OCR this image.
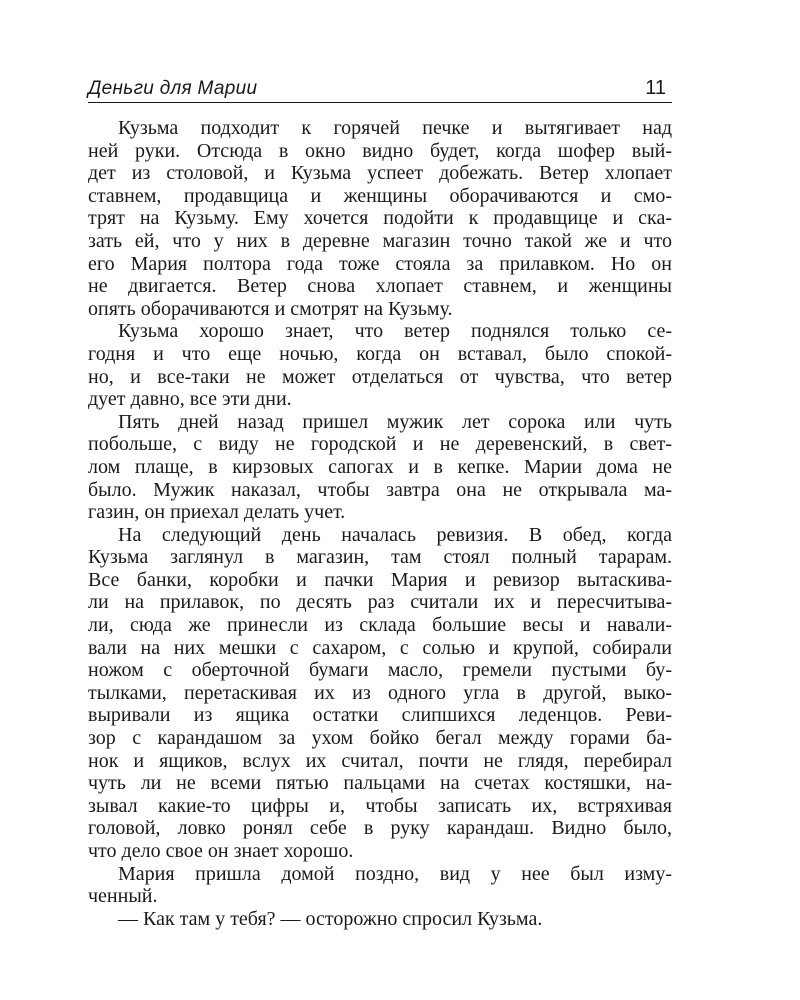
Деньги для Марии	11
Кузьма подходит к горячей печке и вытягивает над
ней руки. Отсюда в окно видно будет, когда шофер вый-
дет из столовой, и Кузьма успеет добежать. Ветер хлопает
ставнем, продавщица и женщины оборачиваются и смо-
трят на Кузьму. Ему хочется подойти к продавщице и ска-
зать ей, что у них в деревне магазин точно такой же и что
его Мария полтора года тоже стояла за прилавком. Но он
не двигается. Ветер снова хлопает ставнем, и женщины
опять оборачиваются и смотрят на Кузьму.
Кузьма хорошо знает, что ветер поднялся только се-
годня и что еще ночью, когда он вставал, было спокой-
но, и все-таки не может отделаться от чувства, что ветер
дует давно, все эти дни.
Пять дней назад пришел мужик лет сорока или чуть
побольше, с виду не городской и не деревенский, в свет-
лом плаще, в кирзовых сапогах и в кепке. Марии дома не
было. Мужик наказал, чтобы завтра она не открывала ма-
газин, он приехал делать учет.
На следующий день началась ревизия. В обед, когда
Кузьма заглянул в магазин, там стоял полный тарарам.
Все банки, коробки и пачки Мария и ревизор вытаскива-
ли на прилавок, по десять раз считали их и пересчитыва-
ли, сюда же принесли из склада большие весы и навали-
вали на них мешки с сахаром, с солью и крупой, собирали
ножом с оберточной бумаги масло, гремели пустыми бу-
тылками, перетаскивая их из одного угла в другой, выко-
выривали из ящика остатки слипшихся леденцов. Реви-
зор с карандашом за ухом бойко бегал между горами ба-
нок и ящиков, вслух их считал, почти не глядя, перебирал
чуть ли не всеми пятью пальцами на счетах костяшки, на-
зывал какие-то цифры и, чтобы записать их, встряхивая
головой, ловко ронял себе в руку карандаш. Видно было,
что дело свое он знает хорошо.
Мария пришла домой поздно, вид у нее был изму-
ченный.
— Как там у тебя? — осторожно спросил Кузьма.
